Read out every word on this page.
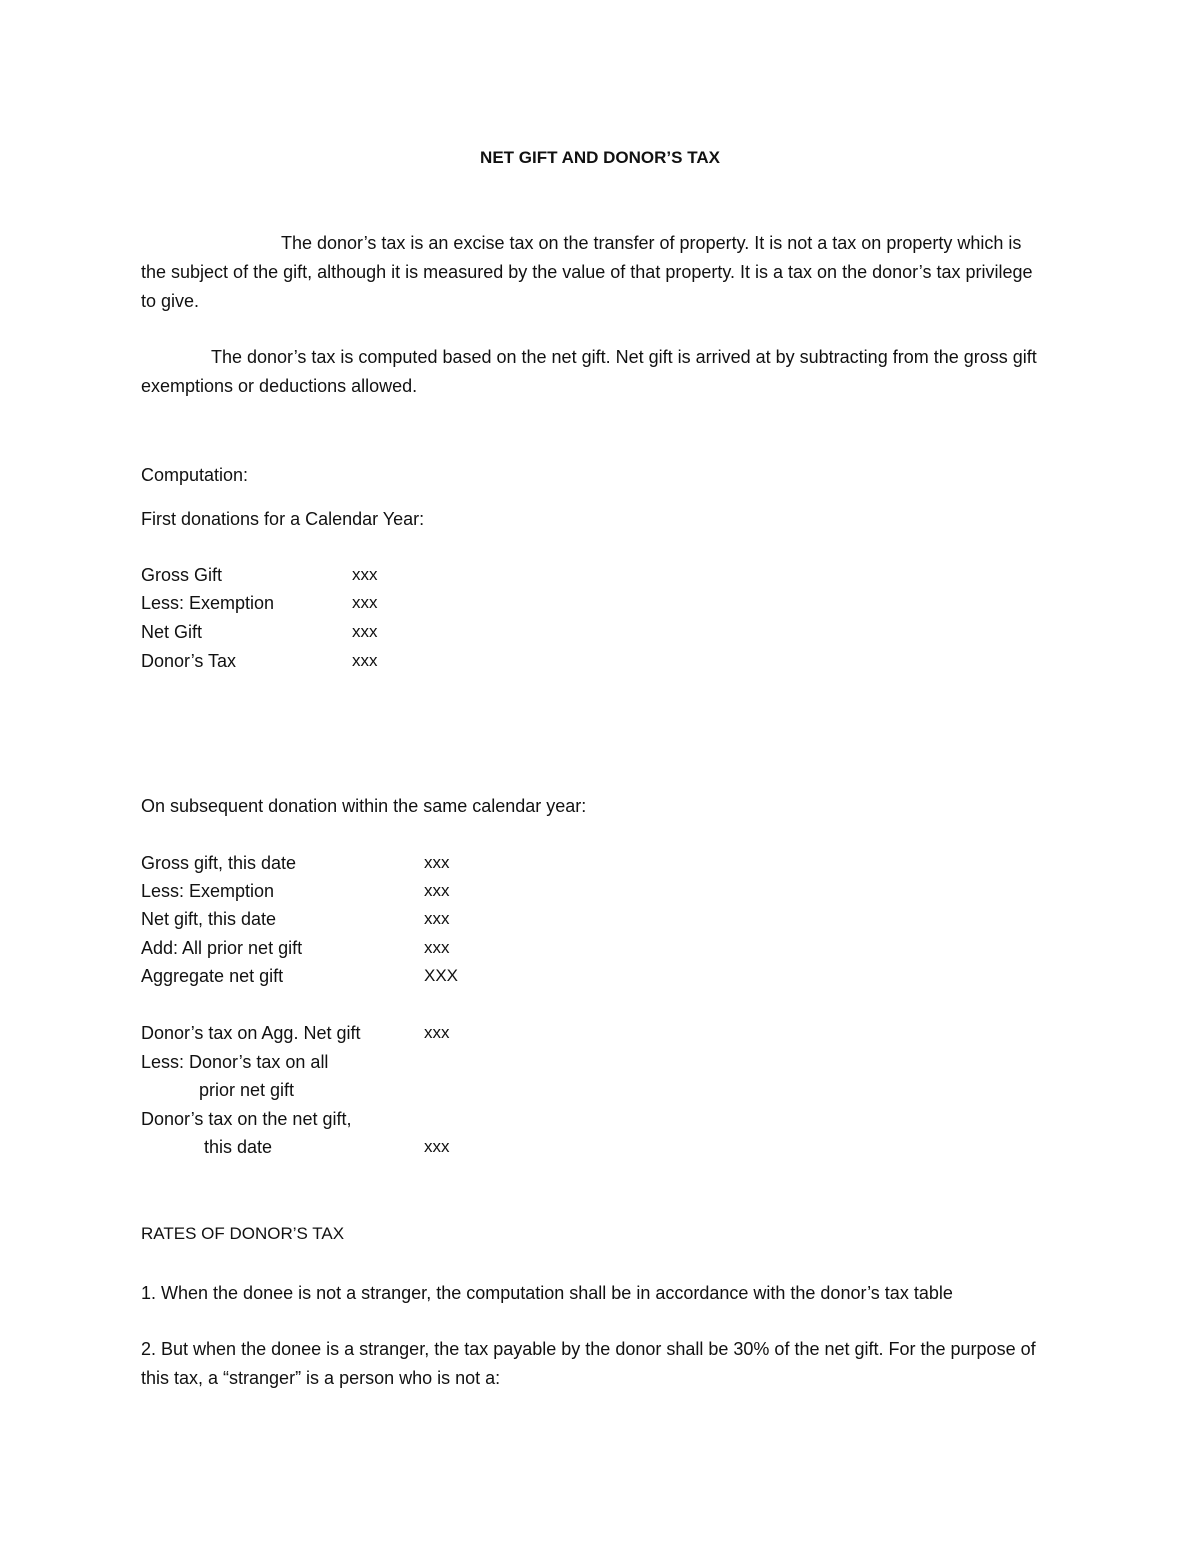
NET GIFT AND DONOR’S TAX

The donor’s tax is an excise tax on the transfer of property. It is not a tax on property which is the subject of the gift, although it is measured by the value of that property. It is a tax on the donor’s tax privilege to give.

The donor’s tax is computed based on the net gift. Net gift is arrived at by subtracting from the gross gift exemptions or deductions allowed.

Computation:
First donations for a Calendar Year:
Gross Gift	xxx
Less: Exemption	xxx
Net Gift	xxx
Donor’s Tax	xxx
On subsequent donation within the same calendar year:
Gross gift, this date	xxx
Less: Exemption	xxx
Net gift, this date	xxx
Add: All prior net gift	xxx
Aggregate net gift	XXX
Donor’s tax on Agg. Net gift	xxx
Less: Donor’s tax on all
prior net gift
Donor’s tax on the net gift,
this date	xxx
RATES OF DONOR’S TAX

1. When the donee is not a stranger, the computation shall be in accordance with the donor’s tax table

2. But when the donee is a stranger, the tax payable by the donor shall be 30% of the net gift. For the purpose of this tax, a “stranger” is a person who is not a:
